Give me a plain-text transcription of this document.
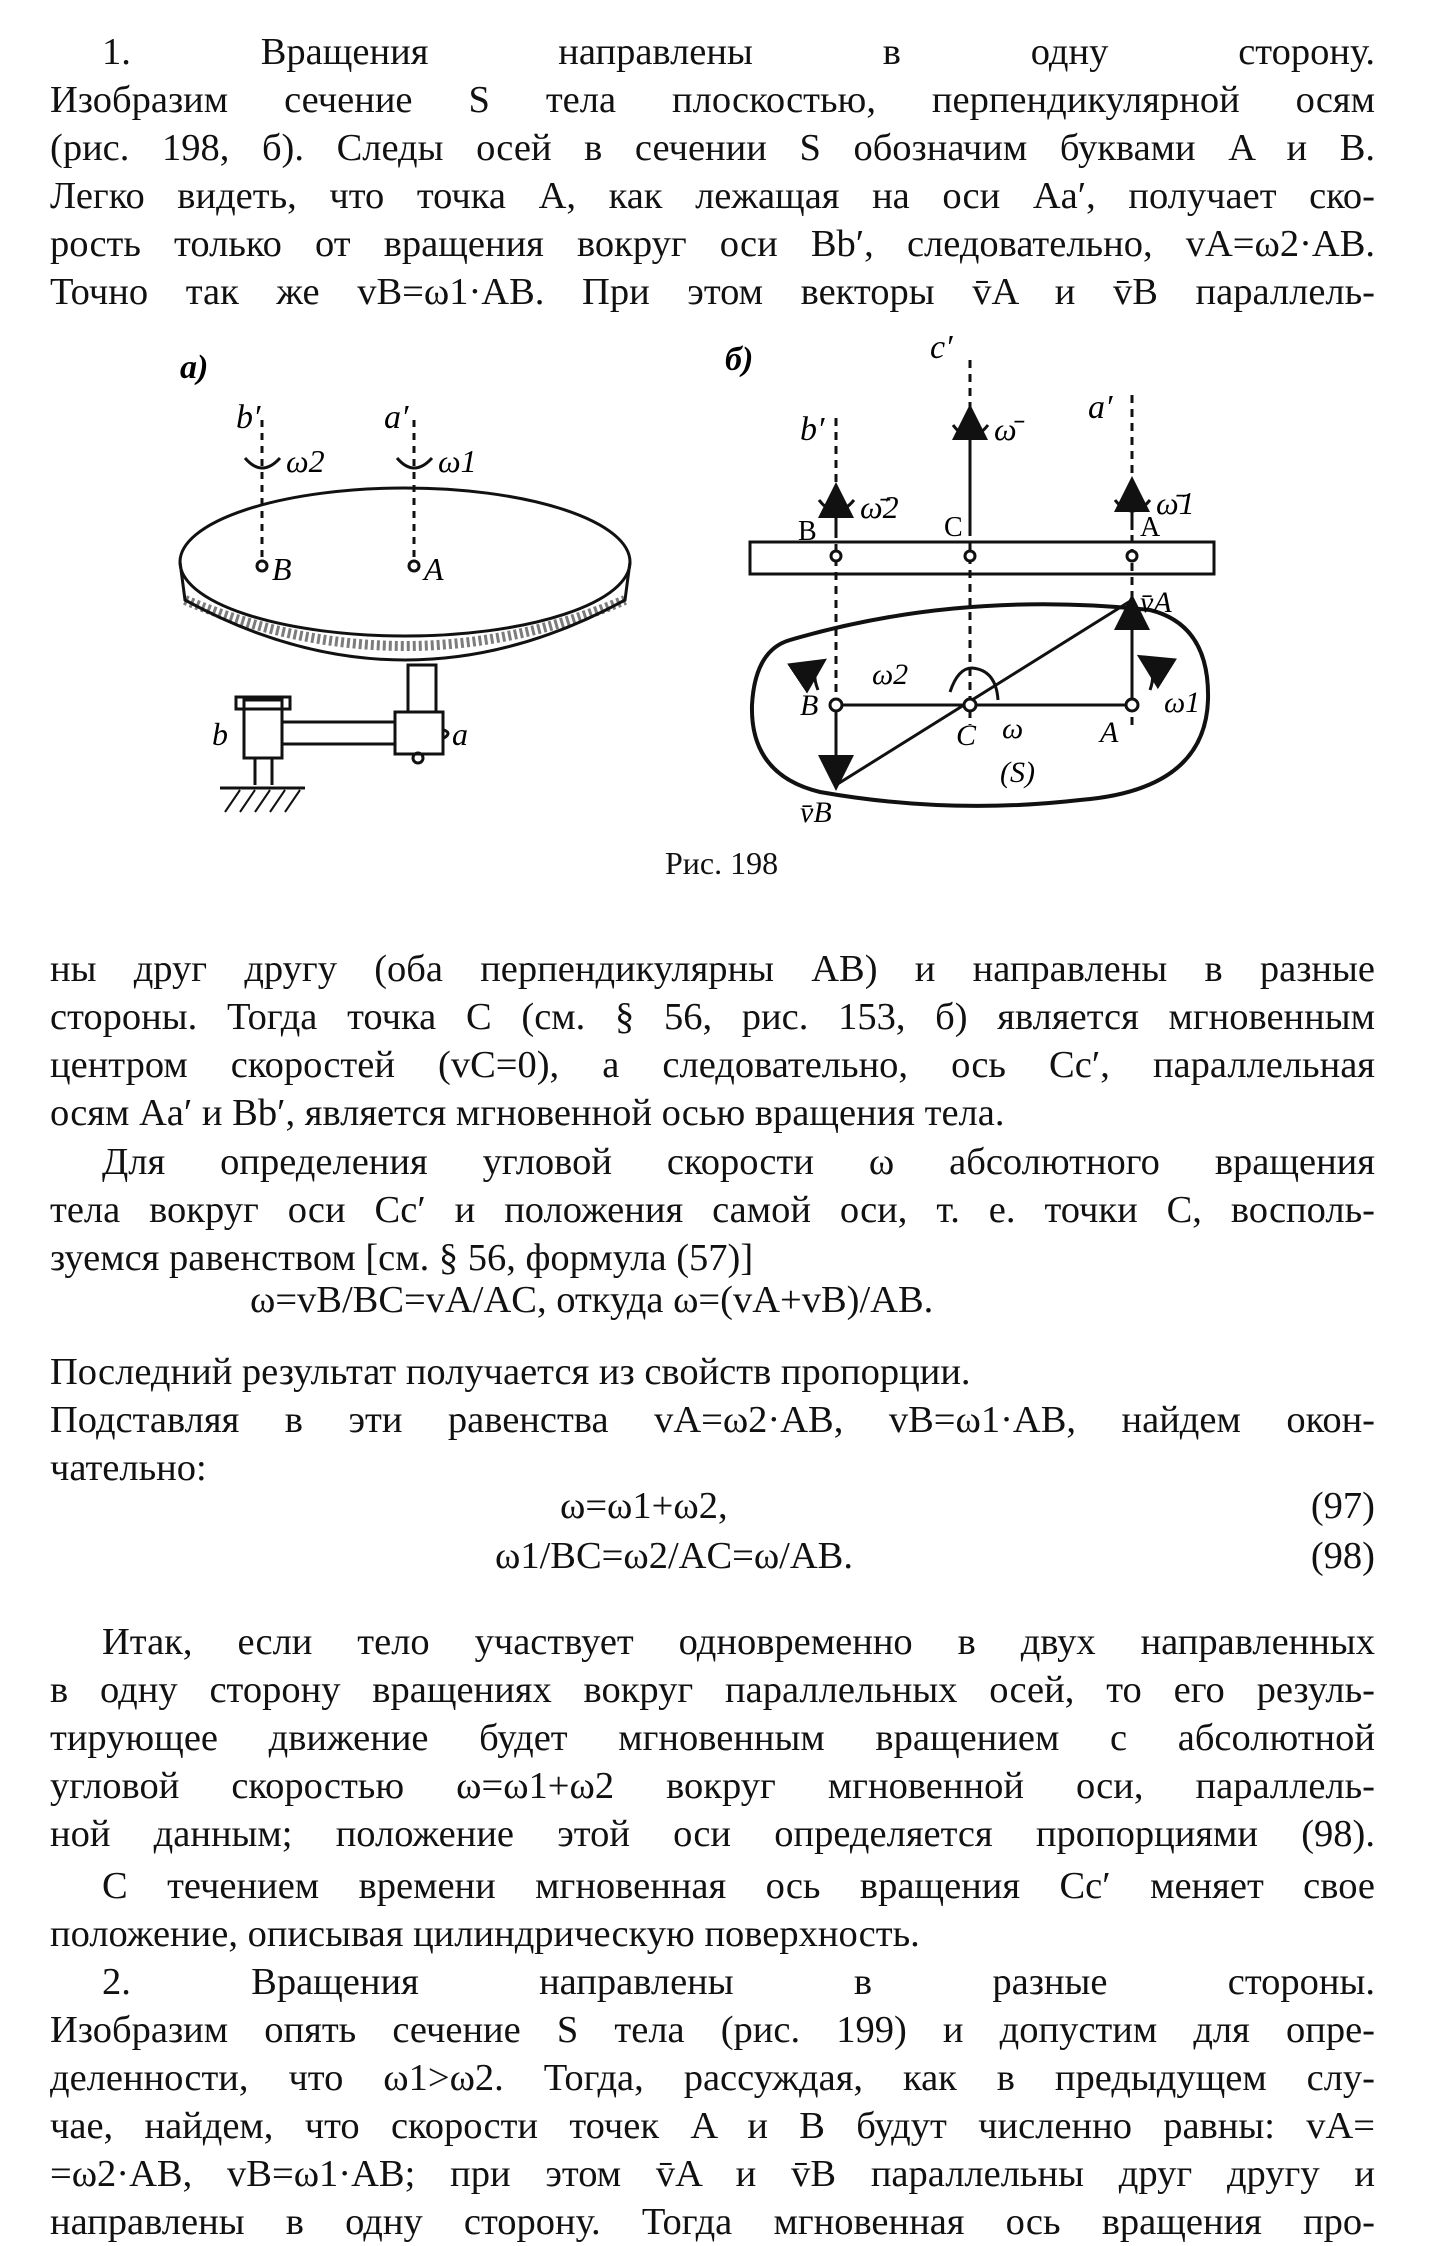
1. Вращения направлены в одну сторону.
Изобразим сечение S тела плоскостью, перпендикулярной осям
(рис. 198, б). Следы осей в сечении S обозначим буквами A и B.
Легко видеть, что точка A, как лежащая на оси Aa′, получает ско-
рость только от вращения вокруг оси Bb′, следовательно, vA=ω2·AB.
Точно так же vB=ω1·AB. При этом векторы v̄A и v̄B параллель-
а)	б)
b′	a′
ω2	ω1
B	A
b	a
c′
b′
a′
ω̄
ω̄2	ω̄1
B	C	A
v̄A
v̄B
B
C	A
ω2
ω
ω1
(S)
Рис. 198
ны друг другу (оба перпендикулярны AB) и направлены в разные
стороны. Тогда точка C (см. § 56, рис. 153, б) является мгновенным
центром скоростей (vC=0), а следовательно, ось Cc′, параллельная
осям Aa′ и Bb′, является мгновенной осью вращения тела.
Для определения угловой скорости ω абсолютного вращения
тела вокруг оси Cc′ и положения самой оси, т. е. точки C, восполь-
зуемся равенством [см. § 56, формула (57)]
ω=vB/BC=vA/AC, откуда ω=(vA+vB)/AB.
Последний результат получается из свойств пропорции.
Подставляя в эти равенства vA=ω2·AB, vB=ω1·AB, найдем окон-
чательно:
ω=ω1+ω2,	(97)
ω1/BC=ω2/AC=ω/AB.	(98)
Итак, если тело участвует одновременно в двух направленных
в одну сторону вращениях вокруг параллельных осей, то его резуль-
тирующее движение будет мгновенным вращением с абсолютной
угловой скоростью ω=ω1+ω2 вокруг мгновенной оси, параллель-
ной данным; положение этой оси определяется пропорциями (98).
С течением времени мгновенная ось вращения Cc′ меняет свое
положение, описывая цилиндрическую поверхность.
2. Вращения направлены в разные стороны.
Изобразим опять сечение S тела (рис. 199) и допустим для опре-
деленности, что ω1>ω2. Тогда, рассуждая, как в предыдущем слу-
чае, найдем, что скорости точек A и B будут численно равны: vA=
=ω2·AB, vB=ω1·AB; при этом v̄A и v̄B параллельны друг другу и
направлены в одну сторону. Тогда мгновенная ось вращения про-
